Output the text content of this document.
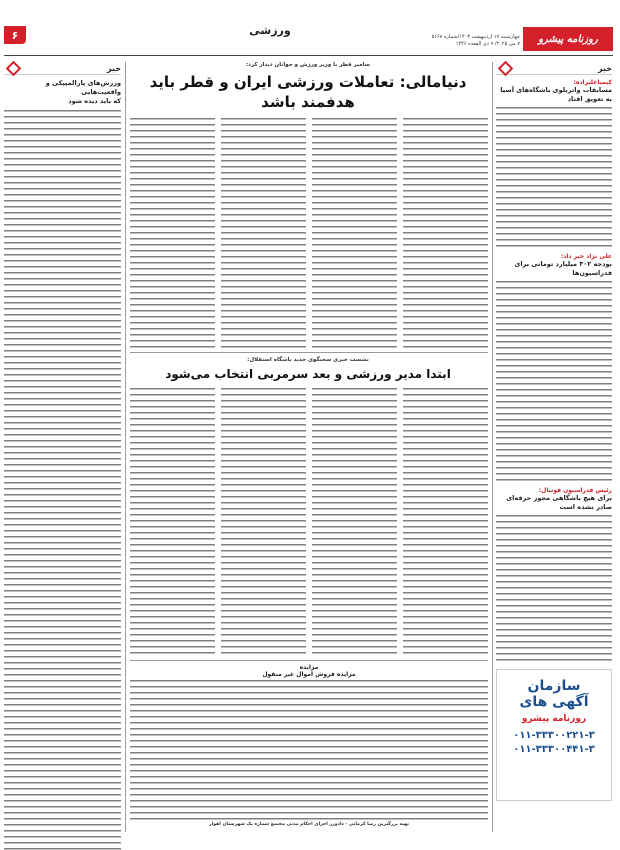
۶	ورزشی	چهارشنبه ۱۷ اردیبهشت ۱۴۰۳/شماره ۵۱۶۸
۷ می ۲۰۲۵/ ۹ ذی القعده ۱۴۴۶ روزنامه پیشرو
خبر
کیمیاعلیزاده:
مسابقات واتربلوی باشگاه‌های آسیا به تعویق افتاد
علی نژاد خبر داد:
بودجه ۳۰۲ میلیارد تومانی برای فدراسیون‌ها
رئیس فدراسیون فوتبال:
برای هیچ باشگاهی مجوز حرفه‌ای صادر نشده است
سازمان
آگهی های
روزنامه پیشرو
۰۱۱-۳۳۳۰۰۲۲۱-۳
۰۱۱-۳۳۳۰۰۴۴۱-۳
سامیر قطر با وزیر ورزش و جوانان دیدار کرد:
دنیامالی: تعاملات ورزشی ایران و قطر باید
هدفمند باشد
نشست خبری سخنگوی جدید باشگاه استقلال:
ابتدا مدیر ورزشی و بعد سرمربی انتخاب می‌شود
خبر
ورزش‌های پارالمپیکی و واقعیت‌هایی
که باید دیده شود
مزایده
مزایده فروش اموال غیر منقول
تهیه بزرگترین رضا کرمانی - دادورز اجرای احکام مدنی مجتمع شماره یک شهرستان اهواز
